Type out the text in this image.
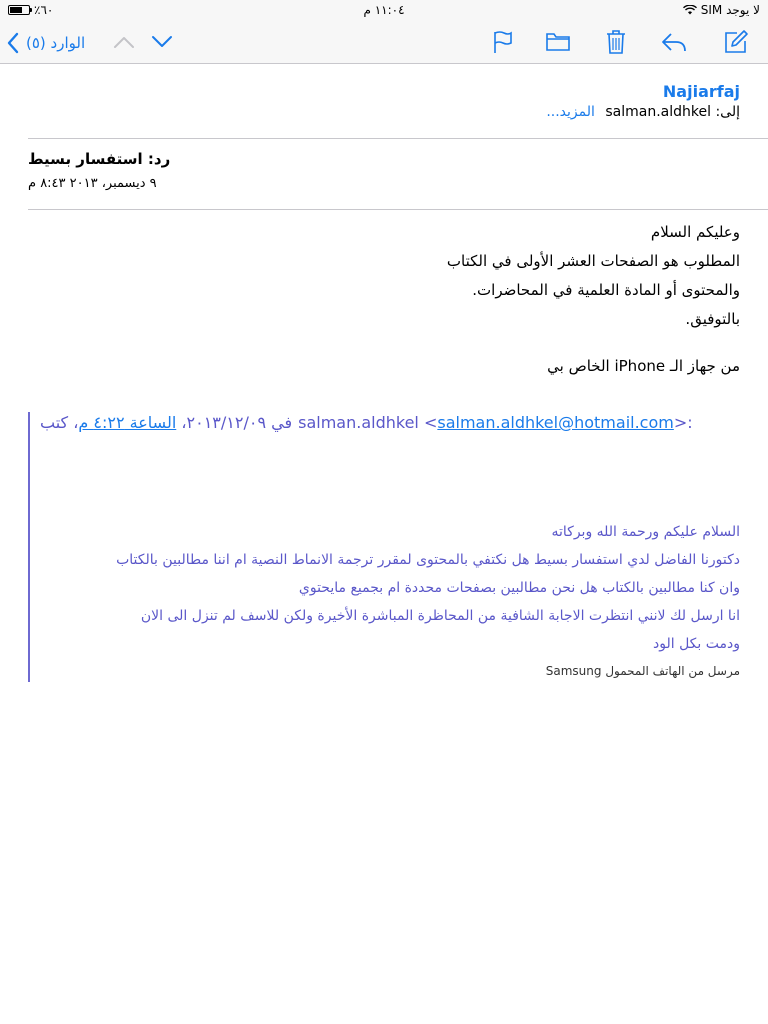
٪٦٠	١١:٠٤ م	لا يوجد SIM
الوارد (٥)
Najiarfaj
إلى: salman.aldhkel المزيد...
رد: استفسار بسيط
٩ ديسمبر، ٢٠١٣ ٨:٤٣ م

وعليكم السلام

المطلوب هو الصفحات العشر الأولى في الكتاب

والمحتوى أو المادة العلمية في المحاضرات.

بالتوفيق.

من جهاز الـ iPhone الخاص بي
salman.aldhkel <salman.aldhkel@hotmail.com>:
في ٢٠١٣/١٢/٠٩، الساعة ٤:٢٢ م، كتب

السلام عليكم ورحمة الله وبركاته

دكتورنا الفاضل لدي استفسار بسيط هل نكتفي بالمحتوى لمقرر ترجمة الانماط النصية ام اننا مطالبين بالكتاب

وان كنا مطالبين بالكتاب هل نحن مطالبين بصفحات محددة ام بجميع مايحتوي

انا ارسل لك لانني انتظرت الاجابة الشافية من المحاظرة المباشرة الأخيرة ولكن للاسف لم تنزل الى الان

ودمت بكل الود

مرسل من الهاتف المحمول Samsung
